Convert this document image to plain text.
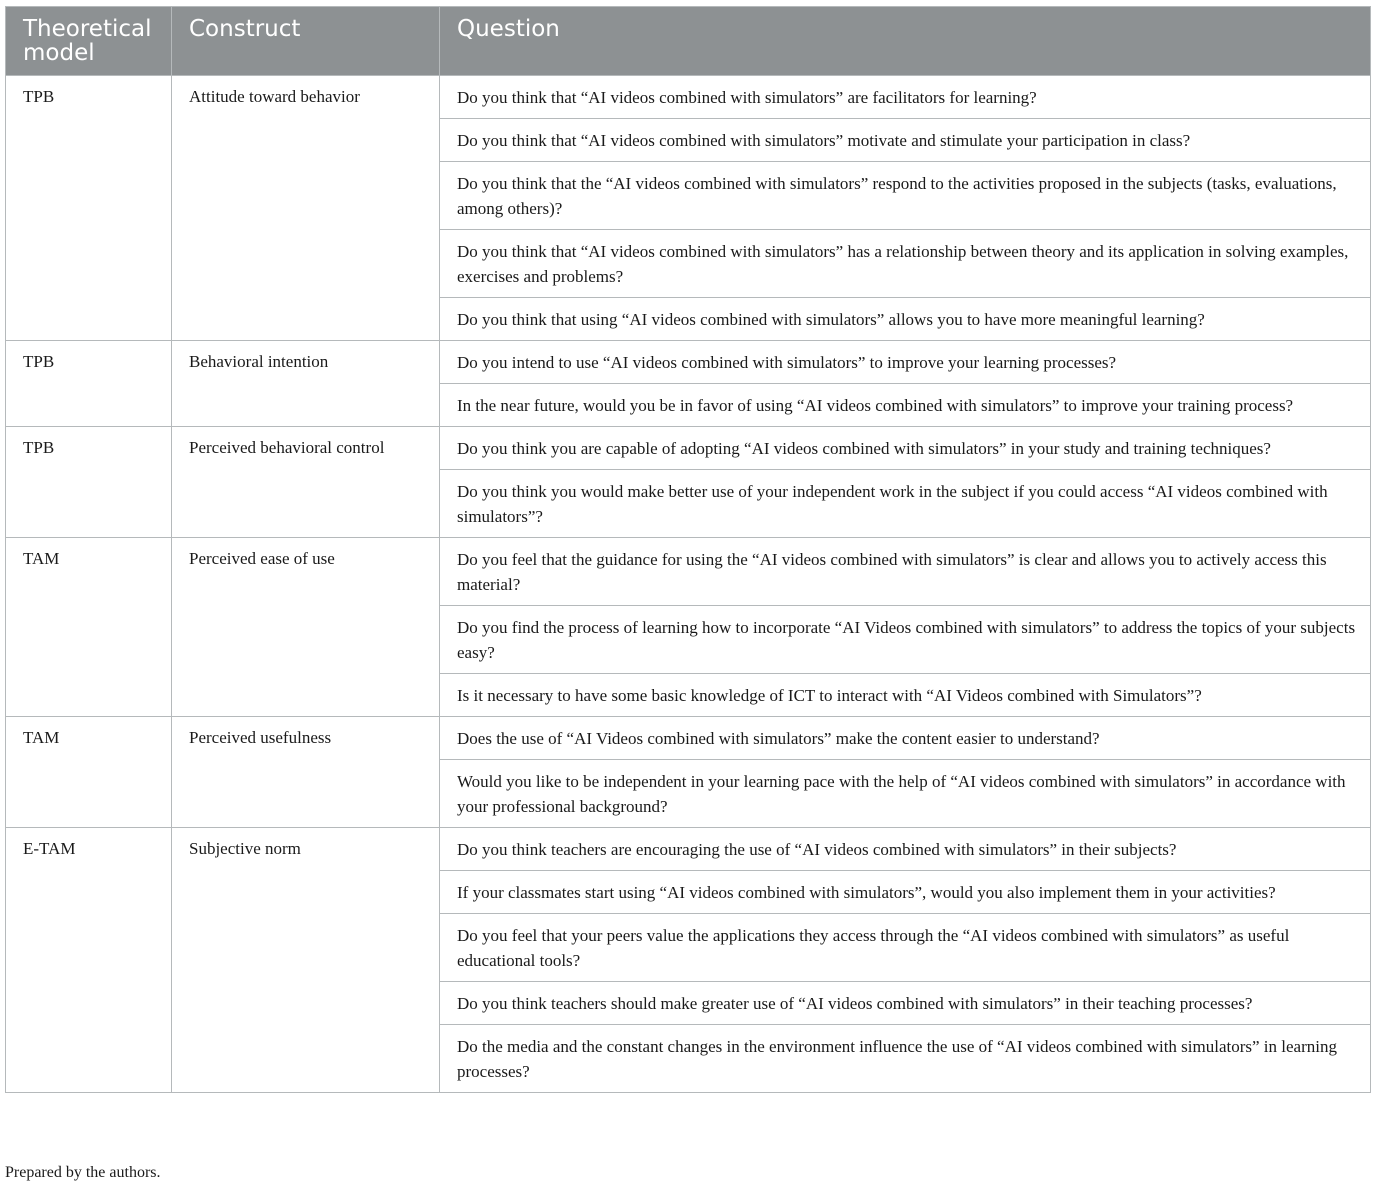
Theoretical model	Construct	Question
TPB	Attitude toward behavior	Do you think that “AI videos combined with simulators” are facilitators for learning?
		Do you think that “AI videos combined with simulators” motivate and stimulate your participation in class?
		Do you think that the “AI videos combined with simulators” respond to the activities proposed in the subjects (tasks, evaluations, among others)?
		Do you think that “AI videos combined with simulators” has a relationship between theory and its application in solving examples, exercises and problems?
		Do you think that using “AI videos combined with simulators” allows you to have more meaningful learning?
TPB	Behavioral intention	Do you intend to use “AI videos combined with simulators” to improve your learning processes?
		In the near future, would you be in favor of using “AI videos combined with simulators” to improve your training process?
TPB	Perceived behavioral control	Do you think you are capable of adopting “AI videos combined with simulators” in your study and training techniques?
		Do you think you would make better use of your independent work in the subject if you could access “AI videos combined with simulators”?
TAM	Perceived ease of use	Do you feel that the guidance for using the “AI videos combined with simulators” is clear and allows you to actively access this material?
		Do you find the process of learning how to incorporate “AI Videos combined with simulators” to address the topics of your subjects easy?
		Is it necessary to have some basic knowledge of ICT to interact with “AI Videos combined with Simulators”?
TAM	Perceived usefulness	Does the use of “AI Videos combined with simulators” make the content easier to understand?
		Would you like to be independent in your learning pace with the help of “AI videos combined with simulators” in accordance with your professional background?
E-TAM	Subjective norm	Do you think teachers are encouraging the use of “AI videos combined with simulators” in their subjects?
		If your classmates start using “AI videos combined with simulators”, would you also implement them in your activities?
		Do you feel that your peers value the applications they access through the “AI videos combined with simulators” as useful educational tools?
		Do you think teachers should make greater use of “AI videos combined with simulators” in their teaching processes?
		Do the media and the constant changes in the environment influence the use of “AI videos combined with simulators” in learning processes?
Prepared by the authors.
